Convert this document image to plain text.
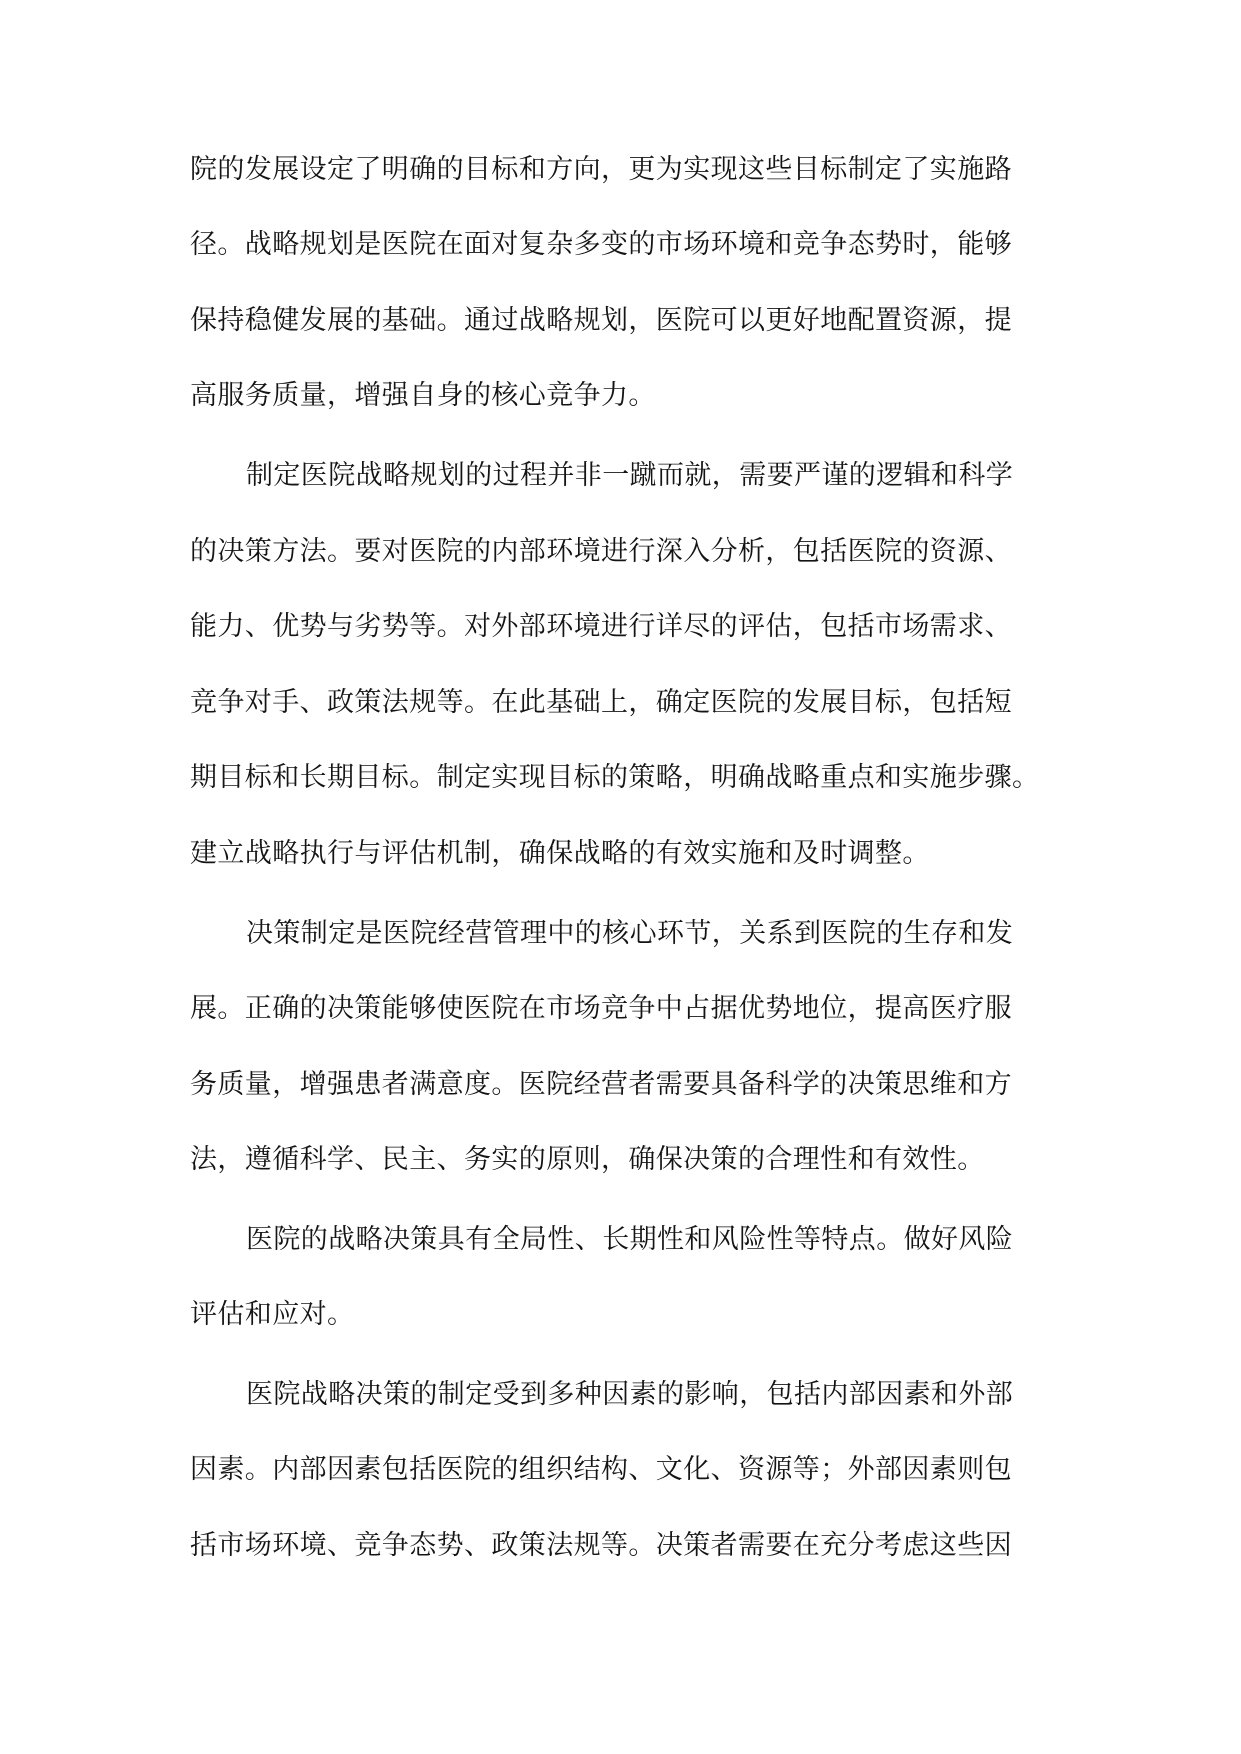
院的发展设定了明确的目标和方向，更为实现这些目标制定了实施路
径。战略规划是医院在面对复杂多变的市场环境和竞争态势时，能够
保持稳健发展的基础。通过战略规划，医院可以更好地配置资源，提
高服务质量，增强自身的核心竞争力。
制定医院战略规划的过程并非一蹴而就，需要严谨的逻辑和科学
的决策方法。要对医院的内部环境进行深入分析，包括医院的资源、
能力、优势与劣势等。对外部环境进行详尽的评估，包括市场需求、
竞争对手、政策法规等。在此基础上，确定医院的发展目标，包括短
期目标和长期目标。制定实现目标的策略，明确战略重点和实施步骤。
建立战略执行与评估机制，确保战略的有效实施和及时调整。
决策制定是医院经营管理中的核心环节，关系到医院的生存和发
展。正确的决策能够使医院在市场竞争中占据优势地位，提高医疗服
务质量，增强患者满意度。医院经营者需要具备科学的决策思维和方
法，遵循科学、民主、务实的原则，确保决策的合理性和有效性。
医院的战略决策具有全局性、长期性和风险性等特点。做好风险
评估和应对。
医院战略决策的制定受到多种因素的影响，包括内部因素和外部
因素。内部因素包括医院的组织结构、文化、资源等；外部因素则包
括市场环境、竞争态势、政策法规等。决策者需要在充分考虑这些因
